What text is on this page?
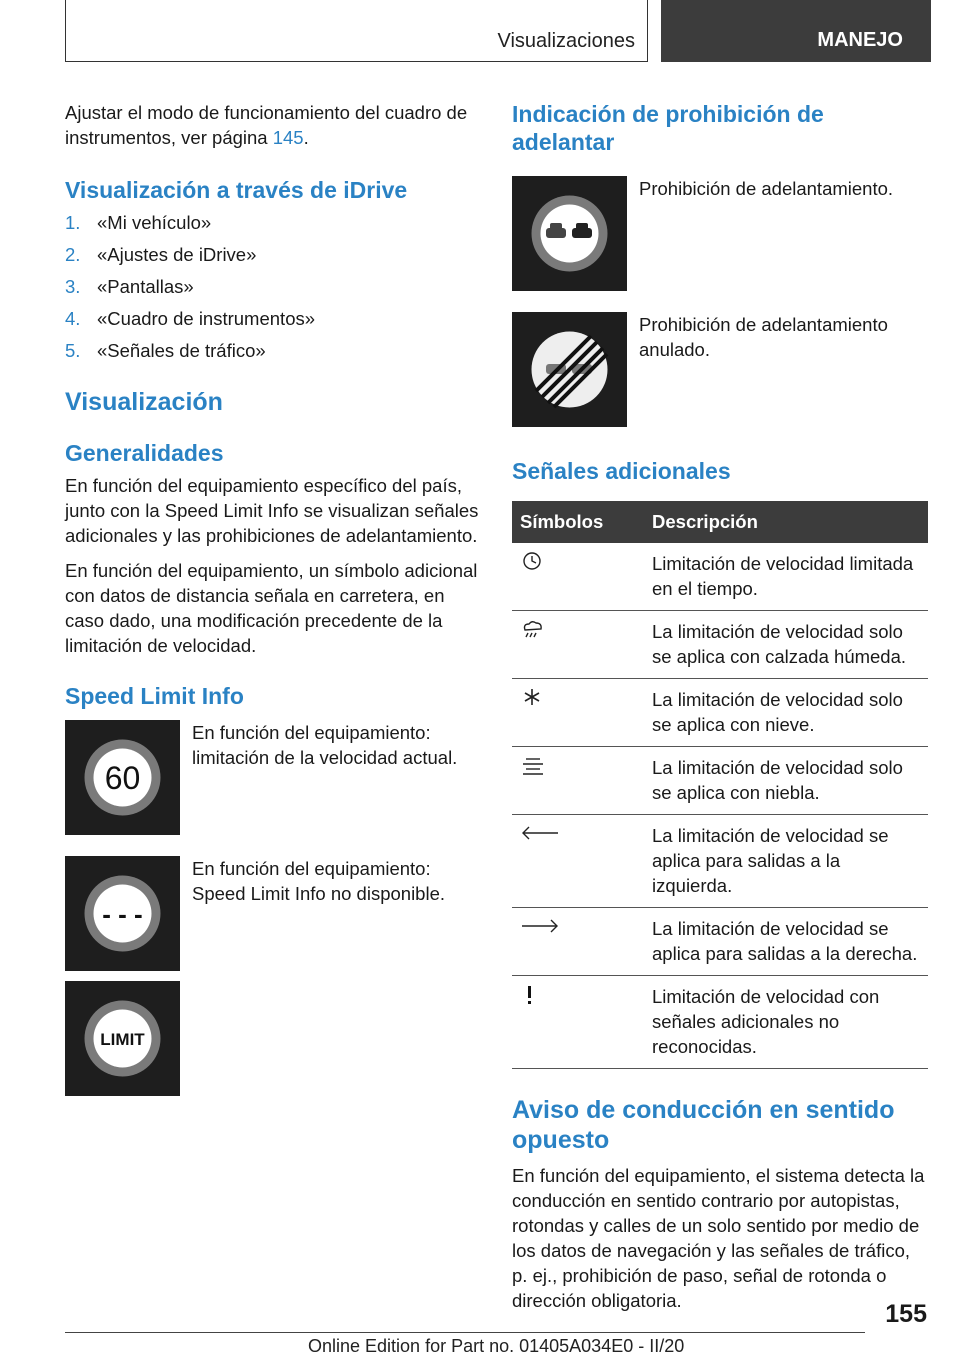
Visualizaciones	MANEJO

Ajustar el modo de funcionamiento del cuadro de instrumentos, ver página 145.

Visualización a través de iDrive
1. «Mi vehículo»
2. «Ajustes de iDrive»
3. «Pantallas»
4. «Cuadro de instrumentos»
5. «Señales de tráfico»
Visualización
Generalidades

En función del equipamiento específico del país, junto con la Speed Limit Info se visualizan señales adicionales y las prohibiciones de adelantamiento.

En función del equipamiento, un símbolo adicional con datos de distancia señala en carretera, en caso dado, una modificación precedente de la limitación de velocidad.

Speed Limit Info
60
En función del equipamiento: limitación de la velocidad actual.
- - -
En función del equipamiento: Speed Limit Info no disponible.
LIMIT
Indicación de prohibición de adelantar
Prohibición de adelantamiento.
Prohibición de adelantamiento anulado.
Señales adicionales
Símbolos	Descripción
	Limitación de velocidad limitada en el tiempo.
	La limitación de velocidad solo se aplica con calzada húmeda.
	La limitación de velocidad solo se aplica con nieve.
	La limitación de velocidad solo se aplica con niebla.
	La limitación de velocidad se aplica para salidas a la izquierda.
	La limitación de velocidad se aplica para salidas a la derecha.
	Limitación de velocidad con señales adicionales no reconocidas.
Aviso de conducción en sentido opuesto

En función del equipamiento, el sistema detecta la conducción en sentido contrario por autopistas, rotondas y calles de un solo sentido por medio de los datos de navegación y las señales de tráfico, p. ej., prohibición de paso, señal de rotonda o dirección obligatoria.	155
Online Edition for Part no. 01405A034E0 - II/20
